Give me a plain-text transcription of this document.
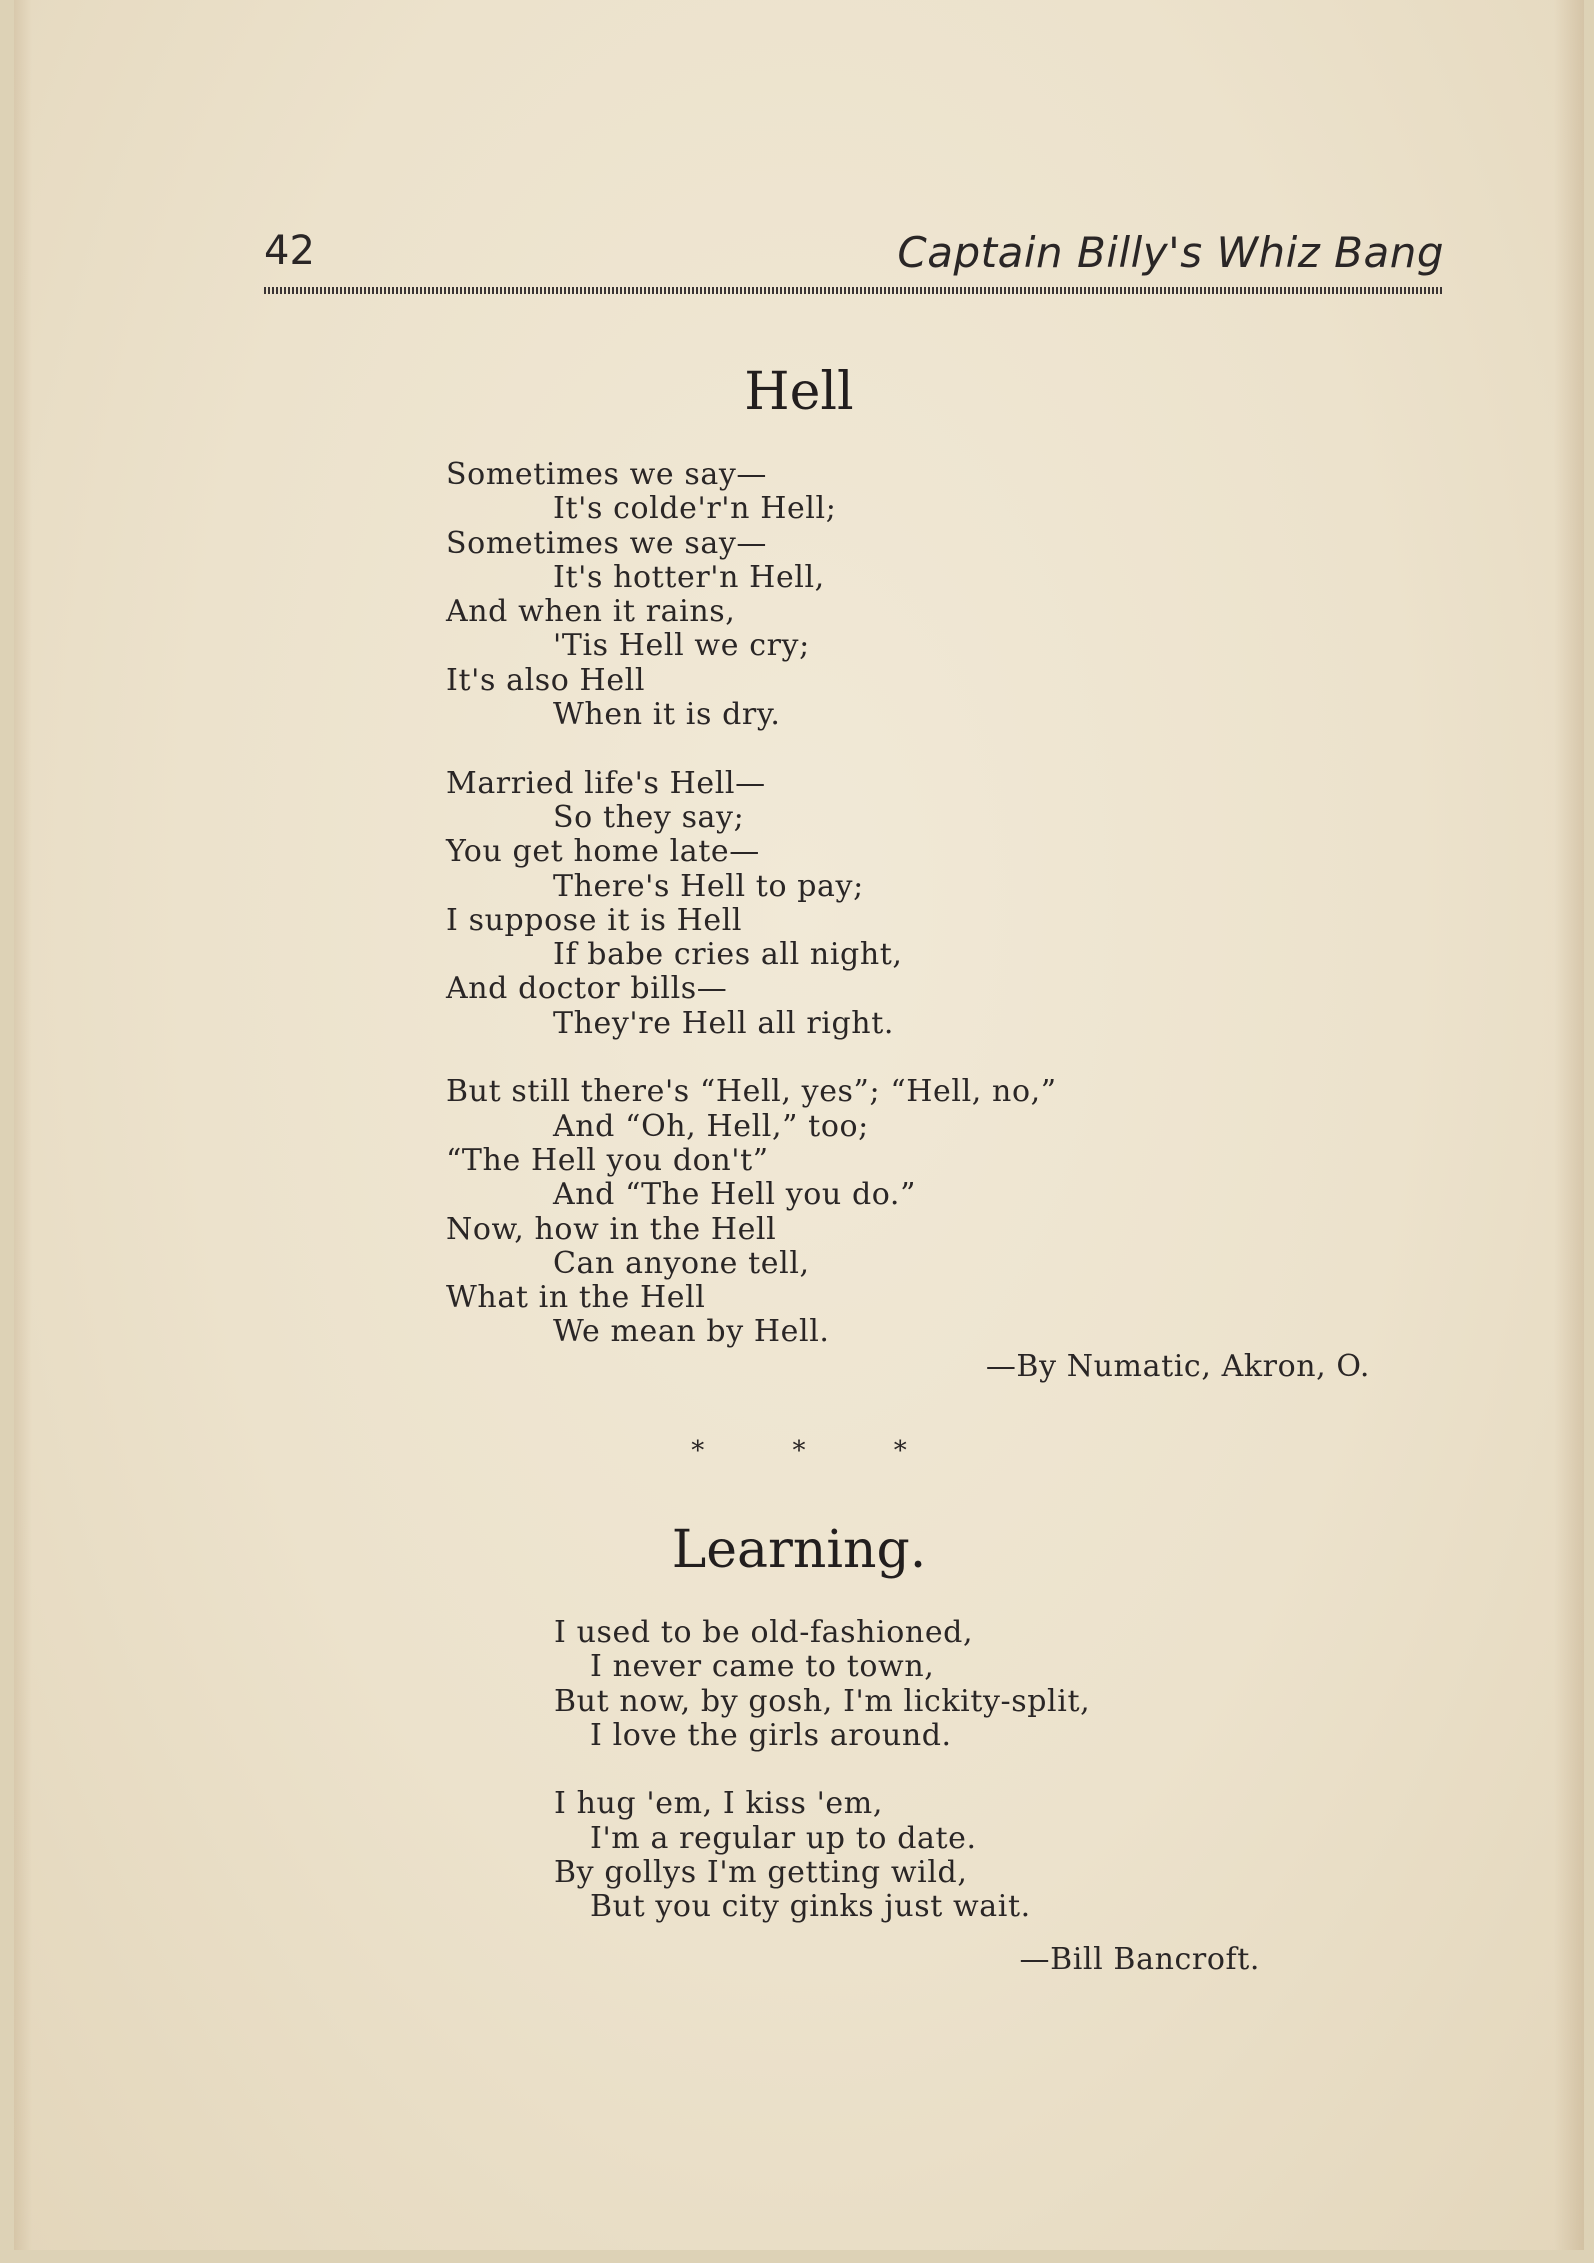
42	Captain Billy's Whiz Bang
Hell
Sometimes we say—
It's colde'r'n Hell;
Sometimes we say—
It's hotter'n Hell,
And when it rains,
'Tis Hell we cry;
It's also Hell
When it is dry.
Married life's Hell—
So they say;
You get home late—
There's Hell to pay;
I suppose it is Hell
If babe cries all night,
And doctor bills—
They're Hell all right.
But still there's “Hell, yes”; “Hell, no,”
And “Oh, Hell,” too;
“The Hell you don't”
And “The Hell you do.”
Now, how in the Hell
Can anyone tell,
What in the Hell
We mean by Hell.
—By Numatic, Akron, O.
*	*	*
Learning.
I used to be old-fashioned,
I never came to town,
But now, by gosh, I'm lickity-split,
I love the girls around.
I hug 'em, I kiss 'em,
I'm a regular up to date.
By gollys I'm getting wild,
But you city ginks just wait.
—Bill Bancroft.
